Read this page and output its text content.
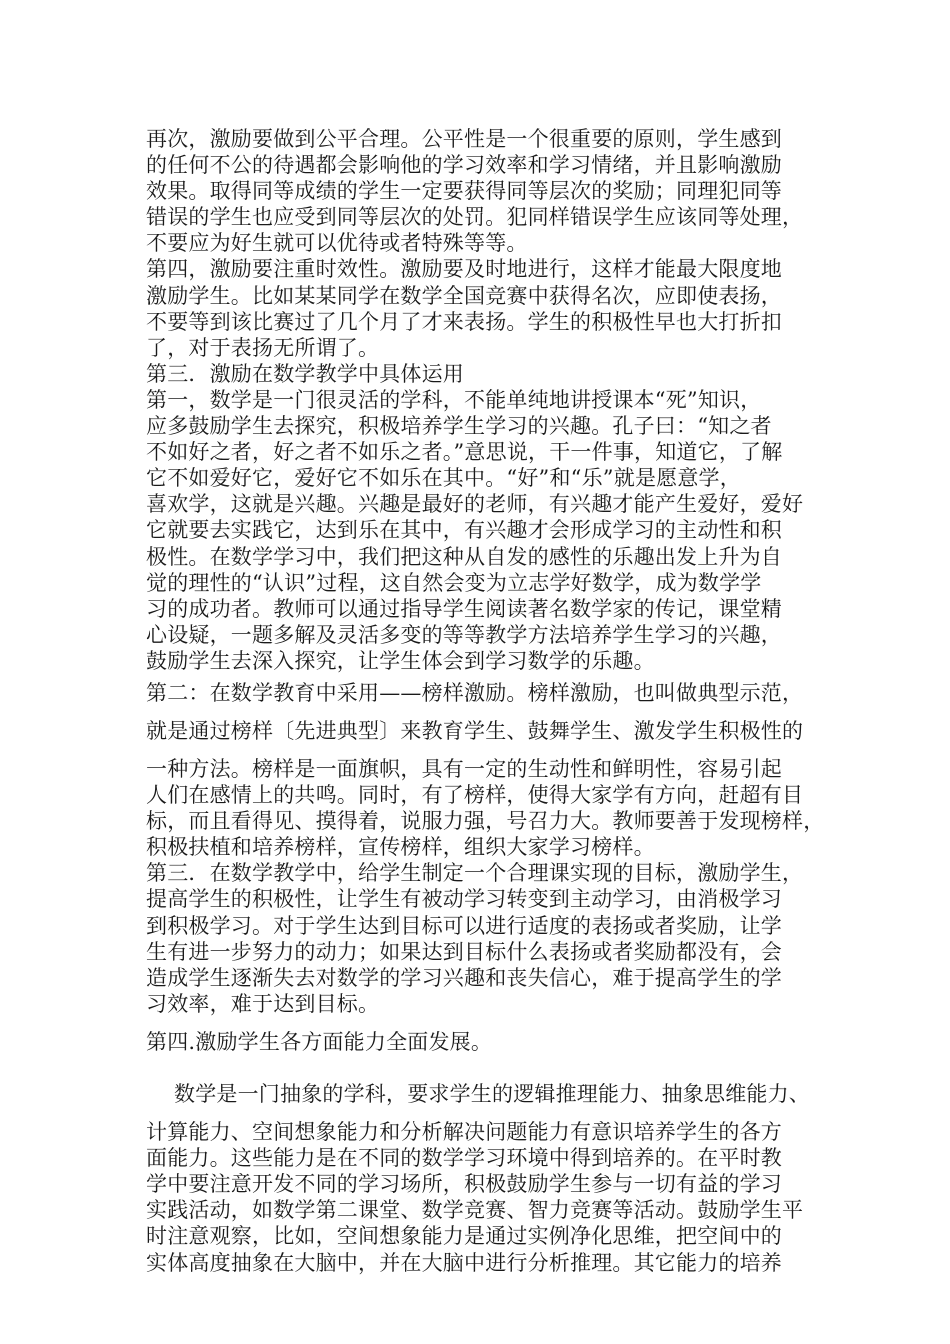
再次，激励要做到公平合理。公平性是一个很重要的原则，学生感到
的任何不公的待遇都会影响他的学习效率和学习情绪，并且影响激励
效果。取得同等成绩的学生一定要获得同等层次的奖励；同理犯同等
错误的学生也应受到同等层次的处罚。犯同样错误学生应该同等处理，
不要应为好生就可以优待或者特殊等等。

第四，激励要注重时效性。激励要及时地进行，这样才能最大限度地
激励学生。比如某某同学在数学全国竞赛中获得名次，应即使表扬，
不要等到该比赛过了几个月了才来表扬。学生的积极性早也大打折扣
了，对于表扬无所谓了。

第三．激励在数学教学中具体运用

第一，数学是一门很灵活的学科，不能单纯地讲授课本“死”知识，
应多鼓励学生去探究，积极培养学生学习的兴趣。孔子曰：“知之者
不如好之者，好之者不如乐之者。”意思说，干一件事，知道它，了解
它不如爱好它，爱好它不如乐在其中。“好”和“乐”就是愿意学，
喜欢学，这就是兴趣。兴趣是最好的老师，有兴趣才能产生爱好，爱好
它就要去实践它，达到乐在其中，有兴趣才会形成学习的主动性和积
极性。在数学学习中，我们把这种从自发的感性的乐趣出发上升为自
觉的理性的“认识”过程，这自然会变为立志学好数学，成为数学学
习的成功者。教师可以通过指导学生阅读著名数学家的传记，课堂精
心设疑，一题多解及灵活多变的等等教学方法培养学生学习的兴趣，
鼓励学生去深入探究，让学生体会到学习数学的乐趣。

第二：在数学教育中采用——榜样激励。榜样激励，也叫做典型示范，

就是通过榜样〔先进典型〕来教育学生、鼓舞学生、激发学生积极性的

一种方法。榜样是一面旗帜，具有一定的生动性和鲜明性，容易引起
人们在感情上的共鸣。同时，有了榜样，使得大家学有方向，赶超有目
标，而且看得见、摸得着，说服力强，号召力大。教师要善于发现榜样，
积极扶植和培养榜样，宣传榜样，组织大家学习榜样。

第三．在数学教学中，给学生制定一个合理课实现的目标，激励学生，
提高学生的积极性，让学生有被动学习转变到主动学习，由消极学习
到积极学习。对于学生达到目标可以进行适度的表扬或者奖励，让学
生有进一步努力的动力；如果达到目标什么表扬或者奖励都没有，会
造成学生逐渐失去对数学的学习兴趣和丧失信心，难于提高学生的学
习效率，难于达到目标。

第四.激励学生各方面能力全面发展。

数学是一门抽象的学科，要求学生的逻辑推理能力、抽象思维能力、

计算能力、空间想象能力和分析解决问题能力有意识培养学生的各方
面能力。这些能力是在不同的数学学习环境中得到培养的。在平时教
学中要注意开发不同的学习场所，积极鼓励学生参与一切有益的学习
实践活动，如数学第二课堂、数学竞赛、智力竞赛等活动。鼓励学生平
时注意观察，比如，空间想象能力是通过实例净化思维，把空间中的
实体高度抽象在大脑中，并在大脑中进行分析推理。其它能力的培养
